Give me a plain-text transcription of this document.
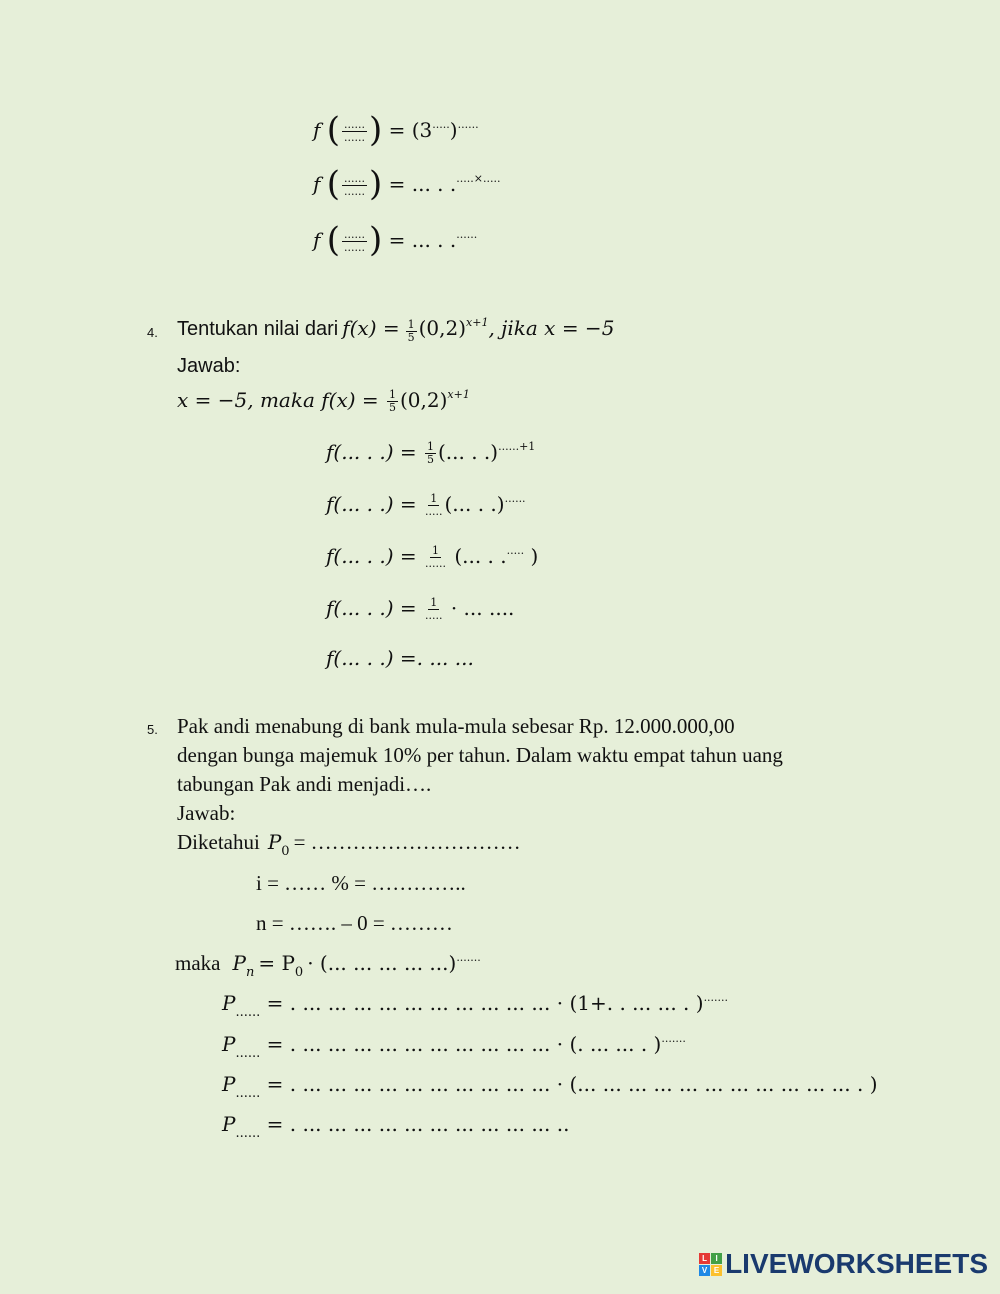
f ( ......
...... ) = (3.....)......
f ( ......
...... ) = ... . ......×.....
f ( ......
...... ) = ... . .......
4. Tentukan nilai dari $f(x) = \frac{1}{5} (0,2)^{x+1}$, jika x = −5
Jawab:
x = −5, maka $f(x) = \frac{1}{5} (0,2)^{x+1}$
f(... . .) = $\frac{1}{5}$ (... . .)$^{......+1}$
f(... . .) = 1
..... (... . .)......
f(... . .) = 1
...... (... . ...... )
f(... . .) = 1
..... · ... ....
f(... . .) =. ... ...
5. Pak andi menabung di bank mula-mula sebesar Rp. 12.000.000,00
dengan bunga majemuk 10% per tahun. Dalam waktu empat tahun uang
tabungan Pak andi menjadi….
Jawab:
Diketahui $P_0$ = …………………………
i = …… % = …………..
n = ……. – 0 = ………
maka $P_n = P_0$ · (... ... ... ... ...).......
$P_{......}$ = . ... ... ... ... ... ... ... ... ... ... · (1+. . ... ... . ).......
$P_{......}$ = . ... ... ... ... ... ... ... ... ... ... · (. ... ... . ).......
$P_{......}$ = . ... ... ... ... ... ... ... ... ... ... · (... ... ... ... ... ... ... ... ... ... ... . )
$P_{......}$ = . ... ... ... ... ... ... ... ... ... ... ..
L	I
V E LIVEWORKSHEETS
